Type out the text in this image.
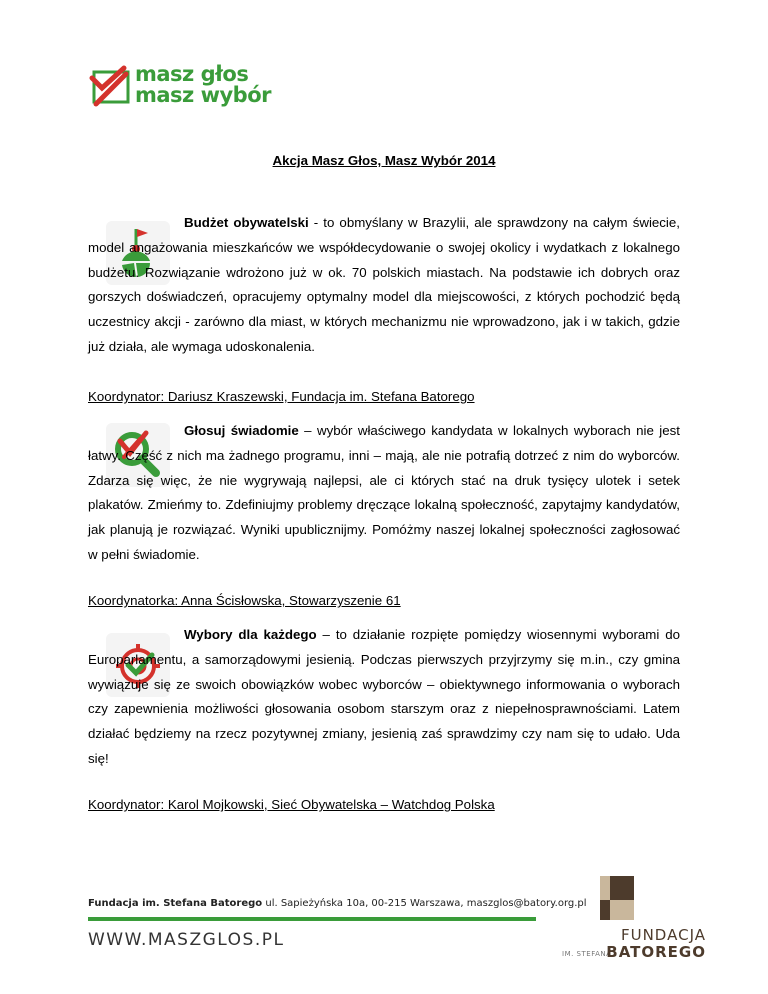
masz głos
masz wybór
Akcja Masz Głos, Masz Wybór 2014

Budżet obywatelski - to obmyślany w Brazylii, ale sprawdzony na całym świecie, model angażowania mieszkańców we współdecydowanie o swojej okolicy i wydatkach z lokalnego budżetu. Rozwiązanie wdrożono już w ok. 70 polskich miastach. Na podstawie ich dobrych oraz gorszych doświadczeń, opracujemy optymalny model dla miejscowości, z których pochodzić będą uczestnicy akcji - zarówno dla miast, w których mechanizmu nie wprowadzono, jak i w takich, gdzie już działa, ale wymaga udoskonalenia.

Koordynator: Dariusz Kraszewski, Fundacja im. Stefana Batorego

Głosuj świadomie – wybór właściwego kandydata w lokalnych wyborach nie jest łatwy. Część z nich ma żadnego programu, inni – mają, ale nie potrafią dotrzeć z nim do wyborców. Zdarza się więc, że nie wygrywają najlepsi, ale ci których stać na druk tysięcy ulotek i setek plakatów. Zmieńmy to. Zdefiniujmy problemy dręczące lokalną społeczność, zapytajmy kandydatów, jak planują je rozwiązać. Wyniki upublicznijmy. Pomóżmy naszej lokalnej społeczności zagłosować w pełni świadomie.

Koordynatorka: Anna Ścisłowska, Stowarzyszenie 61

Wybory dla każdego – to działanie rozpięte pomiędzy wiosennymi wyborami do Europarlamentu, a samorządowymi jesienią. Podczas pierwszych przyjrzymy się m.in., czy gmina wywiązuje się ze swoich obowiązków wobec wyborców – obiektywnego informowania o wyborach czy zapewnienia możliwości głosowania osobom starszym oraz z niepełnosprawnościami. Latem działać będziemy na rzecz pozytywnej zmiany, jesienią zaś sprawdzimy czy nam się to udało. Uda się!

Koordynator: Karol Mojkowski, Sieć Obywatelska – Watchdog Polska
Fundacja im. Stefana Batorego ul. Sapieżyńska 10a, 00-215 Warszawa, maszglos@batory.org.pl
WWW.MASZGLOS.PL
IM. STEFANA
FUNDACJA
BATOREGO
